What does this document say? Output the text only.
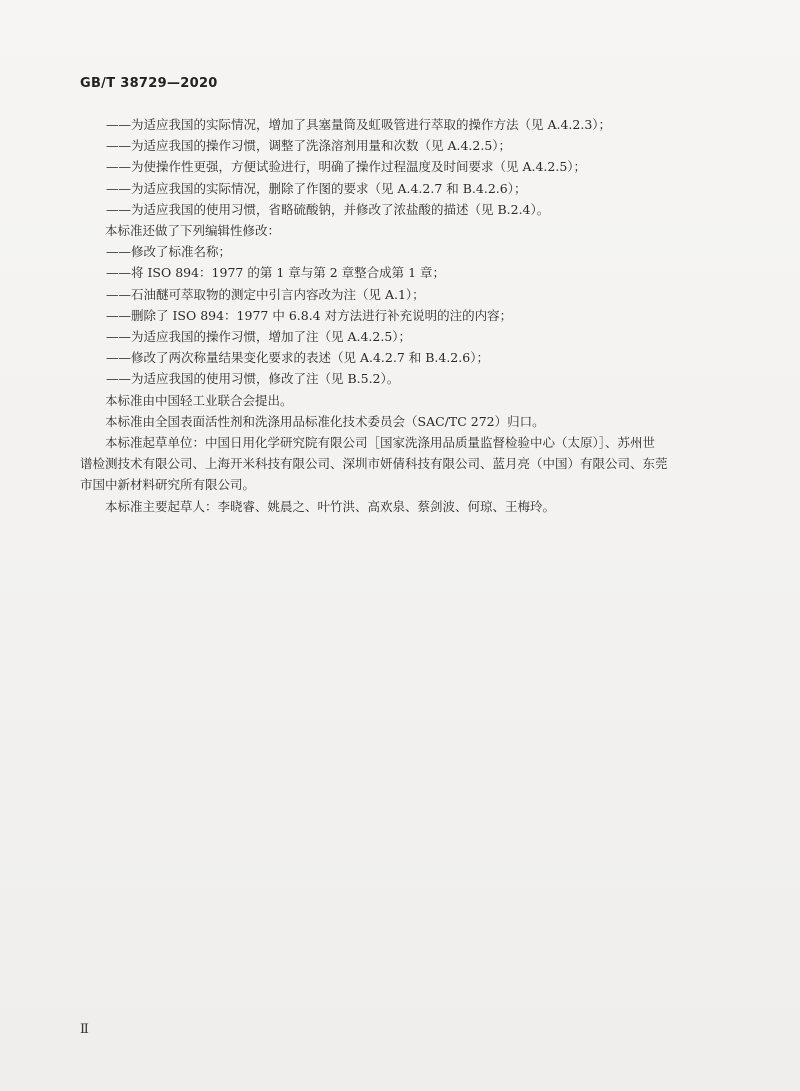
GB/T 38729—2020
——为适应我国的实际情况，增加了具塞量筒及虹吸管进行萃取的操作方法（见 A.4.2.3）；
——为适应我国的操作习惯，调整了洗涤溶剂用量和次数（见 A.4.2.5）；
——为使操作性更强，方便试验进行，明确了操作过程温度及时间要求（见 A.4.2.5）；
——为适应我国的实际情况，删除了作图的要求（见 A.4.2.7 和 B.4.2.6）；
——为适应我国的使用习惯，省略硫酸钠，并修改了浓盐酸的描述（见 B.2.4）。
本标准还做了下列编辑性修改：
——修改了标准名称；
——将 ISO 894：1977 的第 1 章与第 2 章整合成第 1 章；
——石油醚可萃取物的测定中引言内容改为注（见 A.1）；
——删除了 ISO 894：1977 中 6.8.4 对方法进行补充说明的注的内容；
——为适应我国的操作习惯，增加了注（见 A.4.2.5）；
——修改了两次称量结果变化要求的表述（见 A.4.2.7 和 B.4.2.6）；
——为适应我国的使用习惯，修改了注（见 B.5.2）。
本标准由中国轻工业联合会提出。
本标准由全国表面活性剂和洗涤用品标准化技术委员会（SAC/TC 272）归口。
本标准起草单位：中国日用化学研究院有限公司［国家洗涤用品质量监督检验中心（太原）］、苏州世
谱检测技术有限公司、上海开米科技有限公司、深圳市妍倩科技有限公司、蓝月亮（中国）有限公司、东莞
市国中新材料研究所有限公司。
本标准主要起草人：李晓睿、姚晨之、叶竹洪、高欢泉、蔡剑波、何琼、王梅玲。
Ⅱ
